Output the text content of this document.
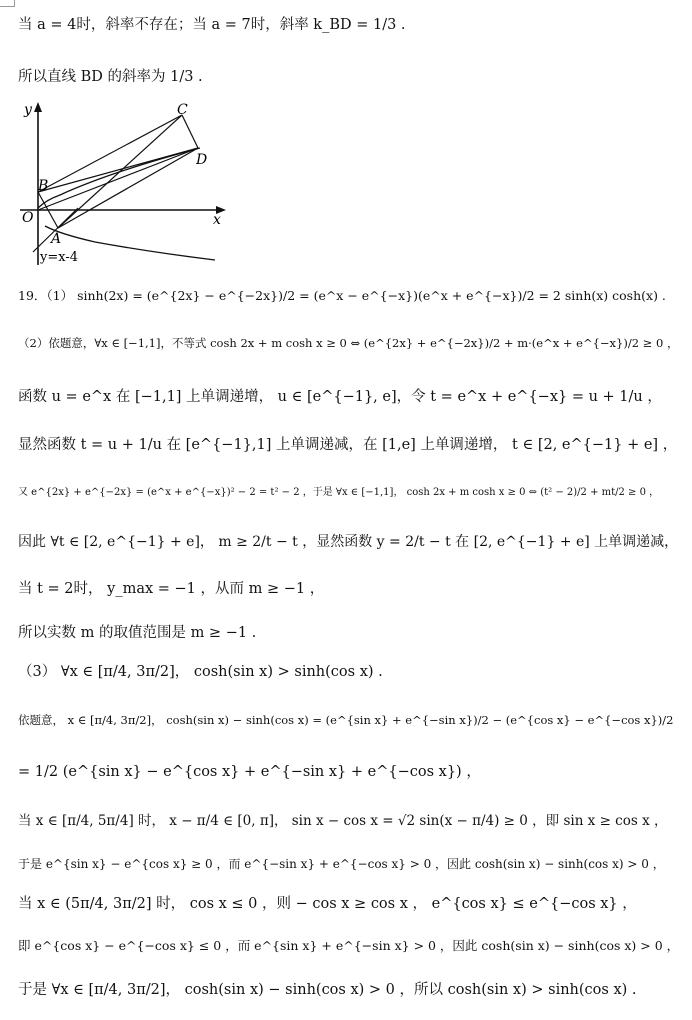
当 a = 4时，斜率不存在；当 a = 7时，斜率 k_BD = 1/3 .
所以直线 BD 的斜率为 1/3 .
y
x
O
B
A
C
D
y=x-4
19．（1） sinh(2x) = (e^{2x} − e^{−2x})/2 = (e^x − e^{−x})(e^x + e^{−x})/2 = 2 sinh(x) cosh(x) .
（2）依题意，∀x ∈ [−1,1]，不等式 cosh 2x + m cosh x ≥ 0 ⇔ (e^{2x} + e^{−2x})/2 + m·(e^x + e^{−x})/2 ≥ 0 ，
函数 u = e^x 在 [−1,1] 上单调递增， u ∈ [e^{−1}, e]，令 t = e^x + e^{−x} = u + 1/u ，
显然函数 t = u + 1/u 在 [e^{−1},1] 上单调递减，在 [1,e] 上单调递增， t ∈ [2, e^{−1} + e] ，
又 e^{2x} + e^{−2x} = (e^x + e^{−x})² − 2 = t² − 2 ，于是 ∀x ∈ [−1,1]， cosh 2x + m cosh x ≥ 0 ⇔ (t² − 2)/2 + mt/2 ≥ 0 ，
因此 ∀t ∈ [2, e^{−1} + e]， m ≥ 2/t − t ，显然函数 y = 2/t − t 在 [2, e^{−1} + e] 上单调递减，
当 t = 2时， y_max = −1 ，从而 m ≥ −1 ，
所以实数 m 的取值范围是 m ≥ −1 .
（3） ∀x ∈ [π/4, 3π/2]， cosh(sin x) > sinh(cos x) .
依题意， x ∈ [π/4, 3π/2]， cosh(sin x) − sinh(cos x) = (e^{sin x} + e^{−sin x})/2 − (e^{cos x} − e^{−cos x})/2
= 1/2 (e^{sin x} − e^{cos x} + e^{−sin x} + e^{−cos x}) ，
当 x ∈ [π/4, 5π/4] 时， x − π/4 ∈ [0, π]， sin x − cos x = √2 sin(x − π/4) ≥ 0 ，即 sin x ≥ cos x ，
于是 e^{sin x} − e^{cos x} ≥ 0 ，而 e^{−sin x} + e^{−cos x} > 0 ，因此 cosh(sin x) − sinh(cos x) > 0 ，
当 x ∈ (5π/4, 3π/2] 时， cos x ≤ 0 ，则 − cos x ≥ cos x ， e^{cos x} ≤ e^{−cos x} ，
即 e^{cos x} − e^{−cos x} ≤ 0 ，而 e^{sin x} + e^{−sin x} > 0 ，因此 cosh(sin x) − sinh(cos x) > 0 ，
于是 ∀x ∈ [π/4, 3π/2]， cosh(sin x) − sinh(cos x) > 0 ，所以 cosh(sin x) > sinh(cos x) .
